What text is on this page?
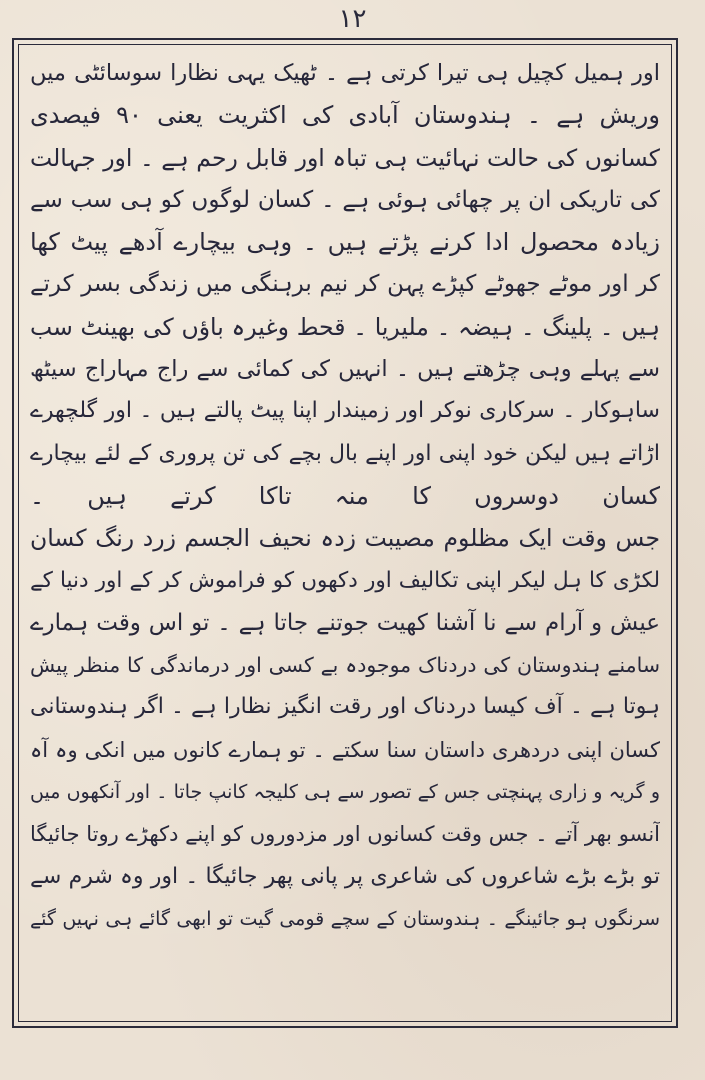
۱۲
اور ہمیل کچیل ہی تیرا کرتی ہے ۔ ٹھیک یہی نظارا سوسائٹی میں
وریش ہے ۔ ہندوستان آبادی کی اکثریت یعنی ۹۰ فیصدی
کسانوں کی حالت نہائیت ہی تباہ اور قابل رحم ہے ۔ اور جہالت
کی تاریکی ان پر چھائی ہوئی ہے ۔ کسان لوگوں کو ہی سب سے
زیادہ محصول ادا کرنے پڑتے ہیں ۔ وہی بیچارے آدھے پیٹ کھا
کر اور موٹے جھوٹے کپڑے پہن کر نیم برہنگی میں زندگی بسر کرتے
ہیں ۔ پلینگ ۔ ہیضہ ۔ ملیریا ۔ قحط وغیرہ باؤں کی بھینٹ سب
سے پہلے وہی چڑھتے ہیں ۔ انہیں کی کمائی سے راج مہاراج سیٹھ
ساہوکار ۔ سرکاری نوکر اور زمیندار اپنا پیٹ پالتے ہیں ۔ اور گلچھرے
اڑاتے ہیں لیکن خود اپنی اور اپنے بال بچے کی تن پروری کے لئے بیچارے
کسان دوسروں کا منہ تاکا کرتے ہیں ۔
جس وقت ایک مظلوم مصیبت زدہ نحیف الجسم زرد رنگ کسان
لکڑی کا ہل لیکر اپنی تکالیف اور دکھوں کو فراموش کر کے اور دنیا کے
عیش و آرام سے نا آشنا کھیت جوتنے جاتا ہے ۔ تو اس وقت ہمارے
سامنے ہندوستان کی دردناک موجودہ بے کسی اور درماندگی کا منظر پیش
ہوتا ہے ۔ آف کیسا دردناک اور رقت انگیز نظارا ہے ۔ اگر ہندوستانی
کسان اپنی دردھری داستان سنا سکتے ۔ تو ہمارے کانوں میں انکی وہ آہ
و گریہ و زاری پہنچتی جس کے تصور سے ہی کلیجہ کانپ جاتا ۔ اور آنکھوں میں
آنسو بھر آتے ۔ جس وقت کسانوں اور مزدوروں کو اپنے دکھڑے روتا جائیگا
تو بڑے بڑے شاعروں کی شاعری پر پانی پھر جائیگا ۔ اور وہ شرم سے
سرنگوں ہو جائینگے ۔ ہندوستان کے سچے قومی گیت تو ابھی گائے ہی نہیں گئے
